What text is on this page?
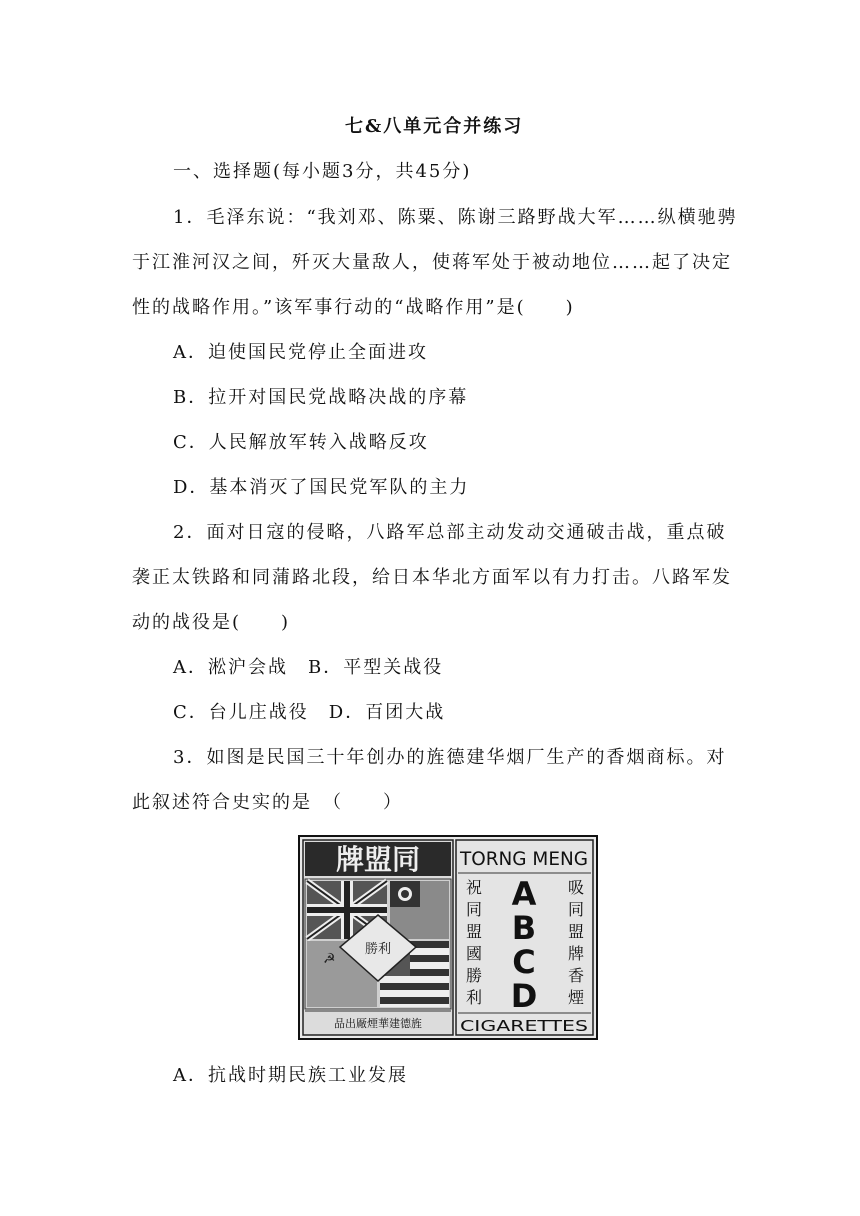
七&八单元合并练习
一、选择题(每小题3分，共45分)
1．毛泽东说：“我刘邓、陈粟、陈谢三路野战大军……纵横驰骋
于江淮河汉之间，歼灭大量敌人，使蒋军处于被动地位……起了决定
性的战略作用。”该军事行动的“战略作用”是(　　)
A．迫使国民党停止全面进攻
B．拉开对国民党战略决战的序幕
C．人民解放军转入战略反攻
D．基本消灭了国民党军队的主力
2．面对日寇的侵略，八路军总部主动发动交通破击战，重点破
袭正太铁路和同蒲路北段，给日本华北方面军以有力打击。八路军发
动的战役是(　　)
A．淞沪会战　B．平型关战役
C．台儿庄战役　D．百团大战
3．如图是民国三十年创办的旌德建华烟厂生产的香烟商标。对
此叙述符合史实的是　（　　）
牌盟同
☭
勝利
品出厰煙華建德旌
TORNG MENG
祝
同
盟
國
勝
利
A
B
C
D
吸
同
盟
牌
香
煙
CIGARETTES
A．抗战时期民族工业发展
